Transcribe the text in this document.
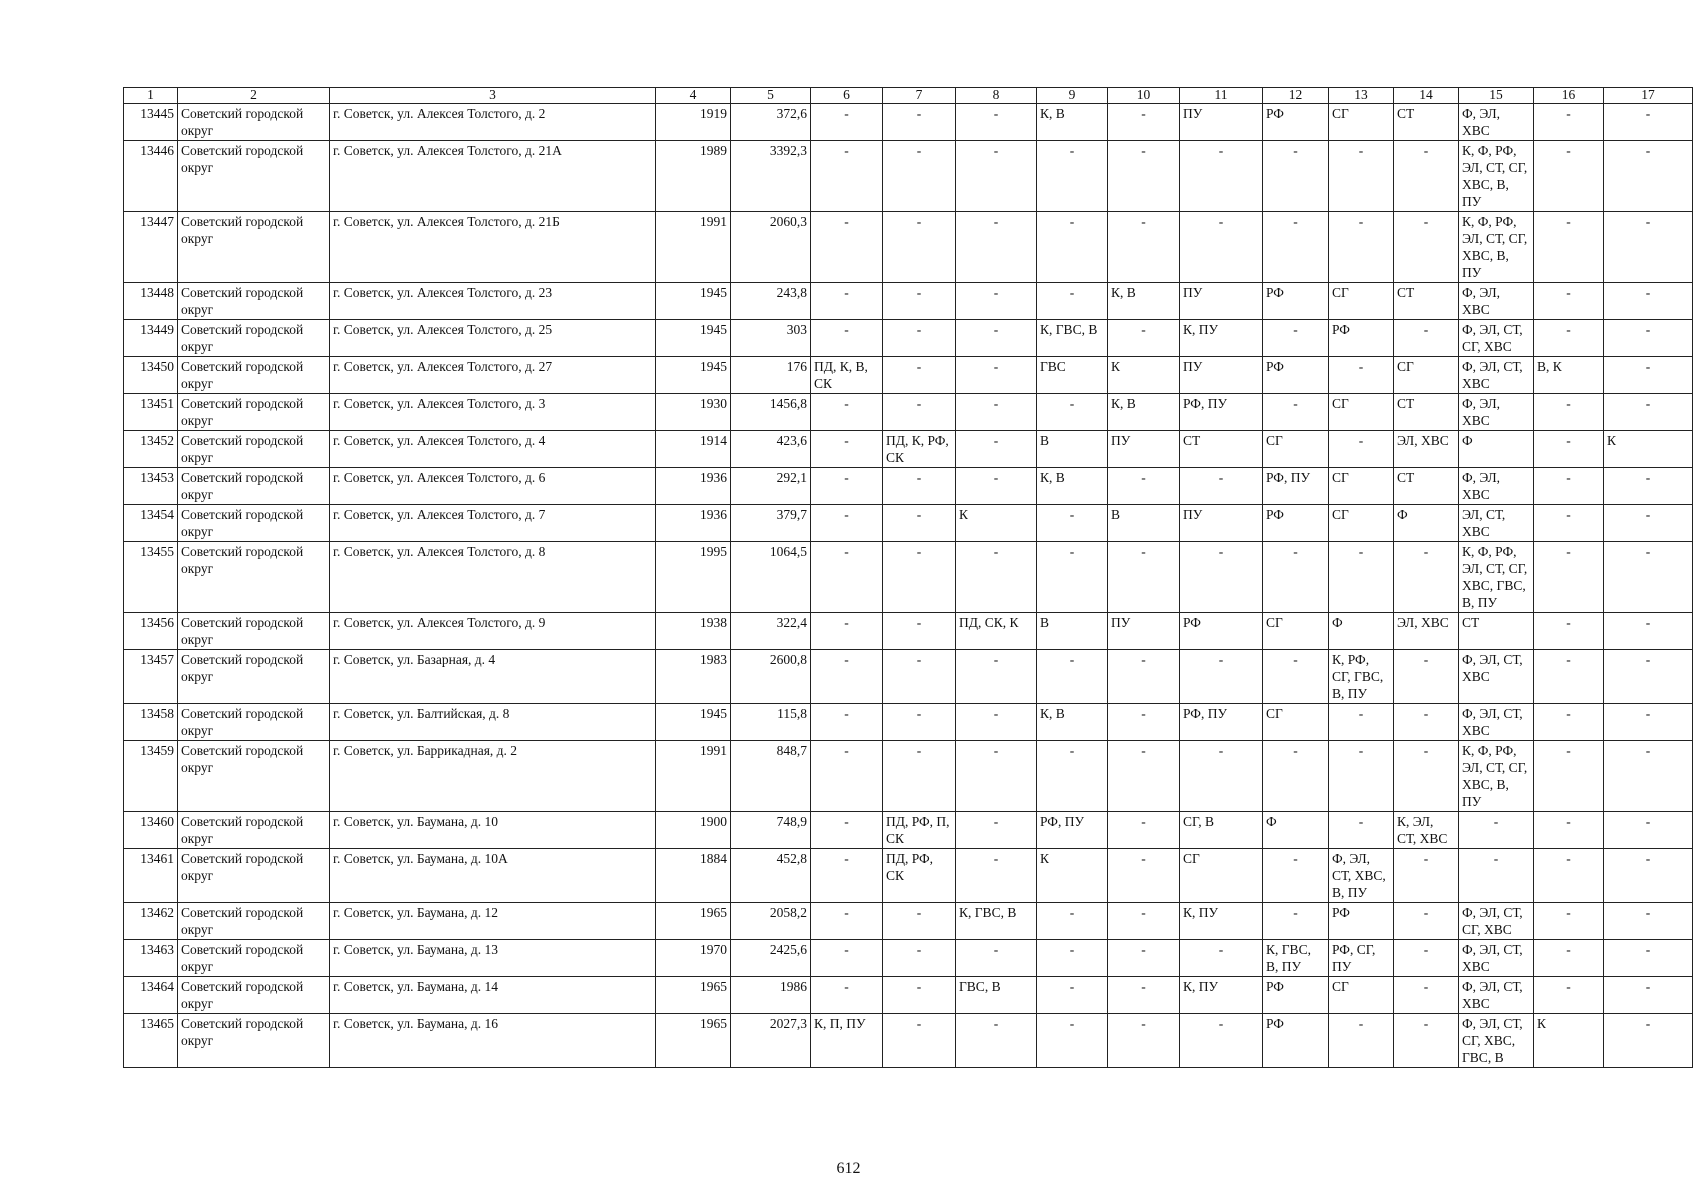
1	2	3	4	5	6	7	8	9	10	11	12	13	14	15	16	17
13445	Советский городской округ	г. Советск, ул. Алексея Толстого, д. 2	1919	372,6	-	-	-	К, В	-	ПУ	РФ	СГ	СТ	Ф, ЭЛ, ХВС	-	-
13446	Советский городской округ	г. Советск, ул. Алексея Толстого, д. 21А	1989	3392,3	-	-	-	-	-	-	-	-	-	К, Ф, РФ, ЭЛ, СТ, СГ, ХВС, В, ПУ	-	-
13447	Советский городской округ	г. Советск, ул. Алексея Толстого, д. 21Б	1991	2060,3	-	-	-	-	-	-	-	-	-	К, Ф, РФ, ЭЛ, СТ, СГ, ХВС, В, ПУ	-	-
13448	Советский городской округ	г. Советск, ул. Алексея Толстого, д. 23	1945	243,8	-	-	-	-	К, В	ПУ	РФ	СГ	СТ	Ф, ЭЛ, ХВС	-	-
13449	Советский городской округ	г. Советск, ул. Алексея Толстого, д. 25	1945	303	-	-	-	К, ГВС, В	-	К, ПУ	-	РФ	-	Ф, ЭЛ, СТ, СГ, ХВС	-	-
13450	Советский городской округ	г. Советск, ул. Алексея Толстого, д. 27	1945	176	ПД, К, В, СК	-	-	ГВС	К	ПУ	РФ	-	СГ	Ф, ЭЛ, СТ, ХВС	В, К	-
13451	Советский городской округ	г. Советск, ул. Алексея Толстого, д. 3	1930	1456,8	-	-	-	-	К, В	РФ, ПУ	-	СГ	СТ	Ф, ЭЛ, ХВС	-	-
13452	Советский городской округ	г. Советск, ул. Алексея Толстого, д. 4	1914	423,6	-	ПД, К, РФ, СК	-	В	ПУ	СТ	СГ	-	ЭЛ, ХВС	Ф	-	К
13453	Советский городской округ	г. Советск, ул. Алексея Толстого, д. 6	1936	292,1	-	-	-	К, В	-	-	РФ, ПУ	СГ	СТ	Ф, ЭЛ, ХВС	-	-
13454	Советский городской округ	г. Советск, ул. Алексея Толстого, д. 7	1936	379,7	-	-	К	-	В	ПУ	РФ	СГ	Ф	ЭЛ, СТ, ХВС	-	-
13455	Советский городской округ	г. Советск, ул. Алексея Толстого, д. 8	1995	1064,5	-	-	-	-	-	-	-	-	-	К, Ф, РФ, ЭЛ, СТ, СГ, ХВС, ГВС, В, ПУ	-	-
13456	Советский городской округ	г. Советск, ул. Алексея Толстого, д. 9	1938	322,4	-	-	ПД, СК, К	В	ПУ	РФ	СГ	Ф	ЭЛ, ХВС	СТ	-	-
13457	Советский городской округ	г. Советск, ул. Базарная, д. 4	1983	2600,8	-	-	-	-	-	-	-	К, РФ, СГ, ГВС, В, ПУ	-	Ф, ЭЛ, СТ, ХВС	-	-
13458	Советский городской округ	г. Советск, ул. Балтийская, д. 8	1945	115,8	-	-	-	К, В	-	РФ, ПУ	СГ	-	-	Ф, ЭЛ, СТ, ХВС	-	-
13459	Советский городской округ	г. Советск, ул. Баррикадная, д. 2	1991	848,7	-	-	-	-	-	-	-	-	-	К, Ф, РФ, ЭЛ, СТ, СГ, ХВС, В, ПУ	-	-
13460	Советский городской округ	г. Советск, ул. Баумана, д. 10	1900	748,9	-	ПД, РФ, П, СК	-	РФ, ПУ	-	СГ, В	Ф	-	К, ЭЛ, СТ, ХВС	-	-	-
13461	Советский городской округ	г. Советск, ул. Баумана, д. 10А	1884	452,8	-	ПД, РФ, СК	-	К	-	СГ	-	Ф, ЭЛ, СТ, ХВС, В, ПУ	-	-	-	-
13462	Советский городской округ	г. Советск, ул. Баумана, д. 12	1965	2058,2	-	-	К, ГВС, В	-	-	К, ПУ	-	РФ	-	Ф, ЭЛ, СТ, СГ, ХВС	-	-
13463	Советский городской округ	г. Советск, ул. Баумана, д. 13	1970	2425,6	-	-	-	-	-	-	К, ГВС, В, ПУ	РФ, СГ, ПУ	-	Ф, ЭЛ, СТ, ХВС	-	-
13464	Советский городской округ	г. Советск, ул. Баумана, д. 14	1965	1986	-	-	ГВС, В	-	-	К, ПУ	РФ	СГ	-	Ф, ЭЛ, СТ, ХВС	-	-
13465	Советский городской округ	г. Советск, ул. Баумана, д. 16	1965	2027,3	К, П, ПУ	-	-	-	-	-	РФ	-	-	Ф, ЭЛ, СТ, СГ, ХВС, ГВС, В	К	-
612
